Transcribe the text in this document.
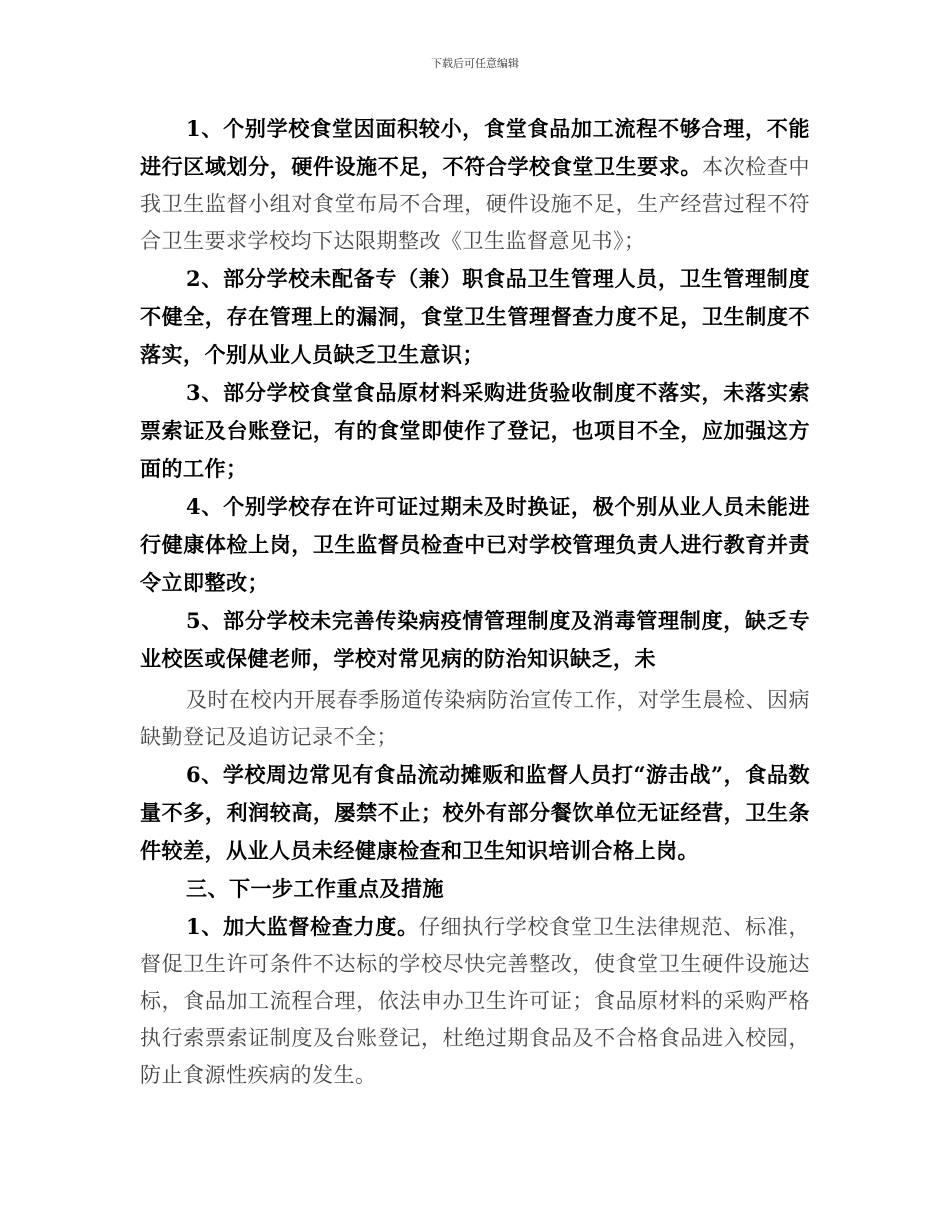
下载后可任意编辑

1、个别学校食堂因面积较小，食堂食品加工流程不够合理，不能进行区域划分，硬件设施不足，不符合学校食堂卫生要求。本次检查中我卫生监督小组对食堂布局不合理，硬件设施不足，生产经营过程不符合卫生要求学校均下达限期整改《卫生监督意见书》；

2、部分学校未配备专（兼）职食品卫生管理人员，卫生管理制度不健全，存在管理上的漏洞，食堂卫生管理督查力度不足，卫生制度不落实，个别从业人员缺乏卫生意识；

3、部分学校食堂食品原材料采购进货验收制度不落实，未落实索票索证及台账登记，有的食堂即使作了登记，也项目不全，应加强这方面的工作；

4、个别学校存在许可证过期未及时换证，极个别从业人员未能进行健康体检上岗，卫生监督员检查中已对学校管理负责人进行教育并责令立即整改；

5、部分学校未完善传染病疫情管理制度及消毒管理制度，缺乏专业校医或保健老师，学校对常见病的防治知识缺乏，未

及时在校内开展春季肠道传染病防治宣传工作，对学生晨检、因病缺勤登记及追访记录不全；

6、学校周边常见有食品流动摊贩和监督人员打“游击战”，食品数量不多，利润较高，屡禁不止；校外有部分餐饮单位无证经营，卫生条件较差，从业人员未经健康检查和卫生知识培训合格上岗。

三、下一步工作重点及措施

1、加大监督检查力度。仔细执行学校食堂卫生法律规范、标准，督促卫生许可条件不达标的学校尽快完善整改，使食堂卫生硬件设施达标，食品加工流程合理，依法申办卫生许可证；食品原材料的采购严格执行索票索证制度及台账登记，杜绝过期食品及不合格食品进入校园，防止食源性疾病的发生。
